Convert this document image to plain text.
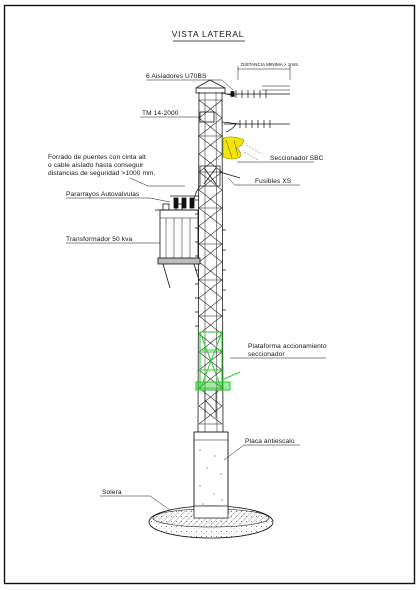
VISTA LATERAL
DISTANCIA MINIMA > 1mts.
6 Aisladores U70BS
TM 14-2000
Forrado de puentes con cinta alt
o cable aislado hasta conseguir
distancias de seguridad >1000 mm.
Pararrayos Autovalvulas
Transformador 50 kva
Seccionador SBC
Fusibles XS
Plataforma accionamiento
seccionador
Placa antiescalo
Solera
